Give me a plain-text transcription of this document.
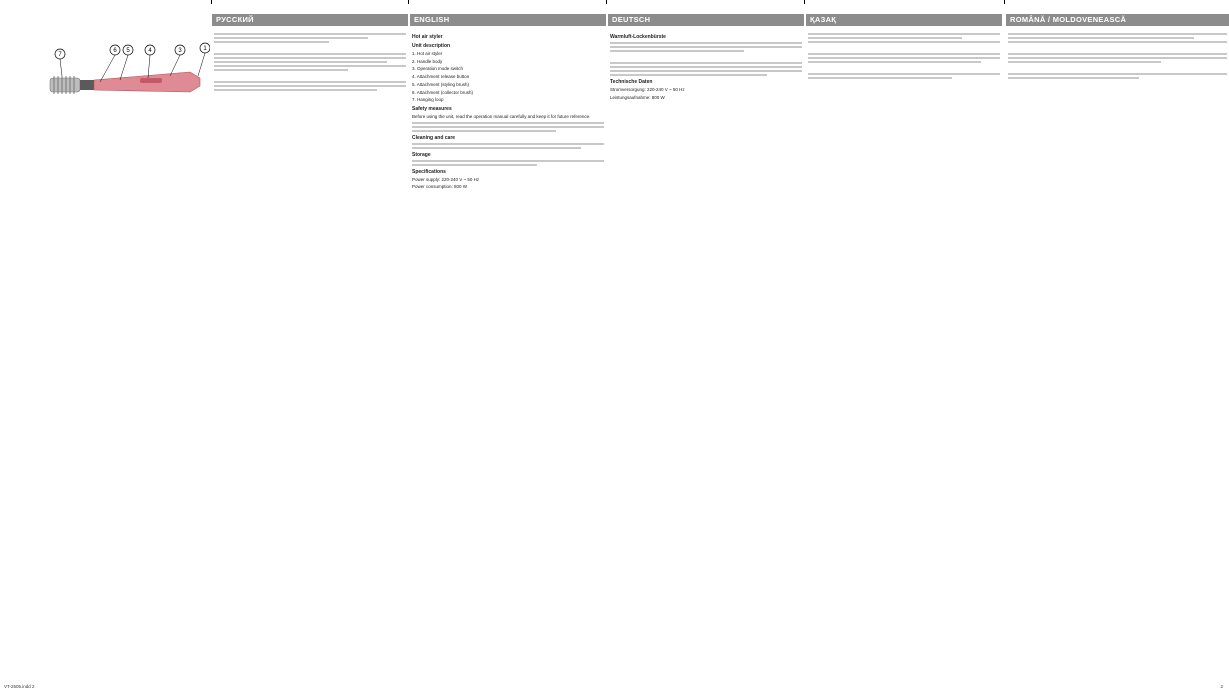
7
6 5	4	3	1
РУССКИЙ	ENGLISH
Hot air styler
Unit description
1. Hot air styler
2. Handle body
3. Operation mode switch
4. Attachment release button
5. Attachment (styling brush)
6. Attachment (collector brush)
7. Hanging loop
Safety measures
Before using the unit, read the operation manual carefully and keep it for future reference.
Cleaning and care
Storage
Specifications
Power supply: 220-240 V ~ 50 Hz
Power consumption: 800 W
DEUTSCH
Warmluft-Lockenbürste
Technische Daten
Stromversorgung: 220-240 V ~ 50 Hz
Leistungsaufnahme: 800 W
ҚАЗАҚ	ROMÂNĂ / MOLDOVENEASCĂ
VT-2505.indd 2	2
